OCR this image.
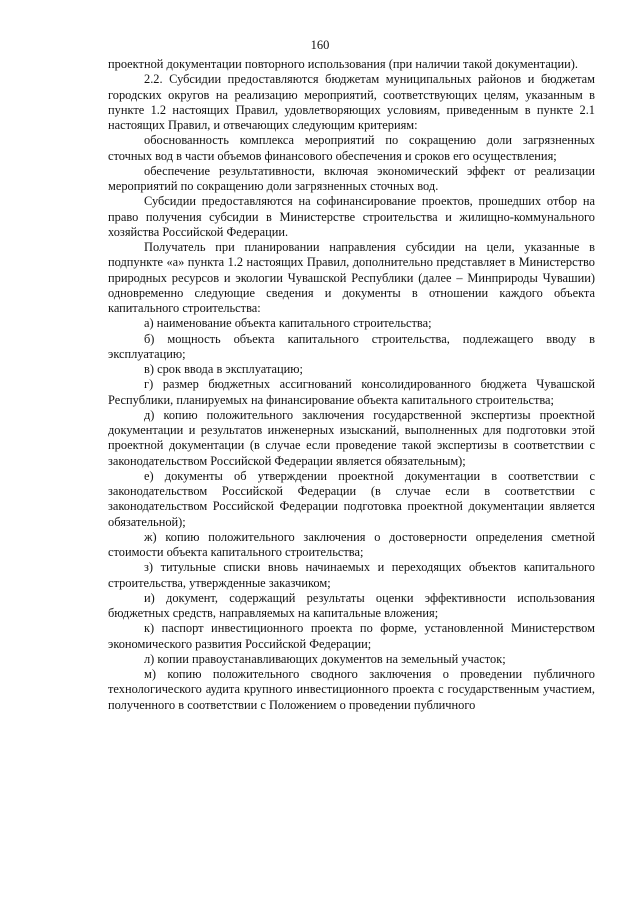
160

проектной документации повторного использования (при наличии такой документации).

2.2. Субсидии предоставляются бюджетам муниципальных районов и бюджетам городских округов на реализацию мероприятий, соответствующих целям, указанным в пункте 1.2 настоящих Правил, удовлетворяющих условиям, приведенным в пункте 2.1 настоящих Правил, и отвечающих следующим критериям:

обоснованность комплекса мероприятий по сокращению доли загрязненных сточных вод в части объемов финансового обеспечения и сроков его осуществления;

обеспечение результативности, включая экономический эффект от реализации мероприятий по сокращению доли загрязненных сточных вод.

Субсидии предоставляются на софинансирование проектов, прошедших отбор на право получения субсидии в Министерстве строительства и жилищно-коммунального хозяйства Российской Федерации.

Получатель при планировании направления субсидии на цели, указанные в подпункте «а» пункта 1.2 настоящих Правил, дополнительно представляет в Министерство природных ресурсов и экологии Чувашской Республики (далее – Минприроды Чувашии) одновременно следующие сведения и документы в отношении каждого объекта капитального строительства:

а) наименование объекта капитального строительства;

б) мощность объекта капитального строительства, подлежащего вводу в эксплуатацию;

в) срок ввода в эксплуатацию;

г) размер бюджетных ассигнований консолидированного бюджета Чувашской Республики, планируемых на финансирование объекта капитального строительства;

д) копию положительного заключения государственной экспертизы проектной документации и результатов инженерных изысканий, выполненных для подготовки этой проектной документации (в случае если проведение такой экспертизы в соответствии с законодательством Российской Федерации является обязательным);

е) документы об утверждении проектной документации в соответствии с законодательством Российской Федерации (в случае если в соответствии с законодательством Российской Федерации подготовка проектной документации является обязательной);

ж) копию положительного заключения о достоверности определения сметной стоимости объекта капитального строительства;

з) титульные списки вновь начинаемых и переходящих объектов капитального строительства, утвержденные заказчиком;

и) документ, содержащий результаты оценки эффективности использования бюджетных средств, направляемых на капитальные вложения;

к) паспорт инвестиционного проекта по форме, установленной Министерством экономического развития Российской Федерации;

л) копии правоустанавливающих документов на земельный участок;

м) копию положительного сводного заключения о проведении публичного технологического аудита крупного инвестиционного проекта с государственным участием, полученного в соответствии с Положением о проведении публичного
